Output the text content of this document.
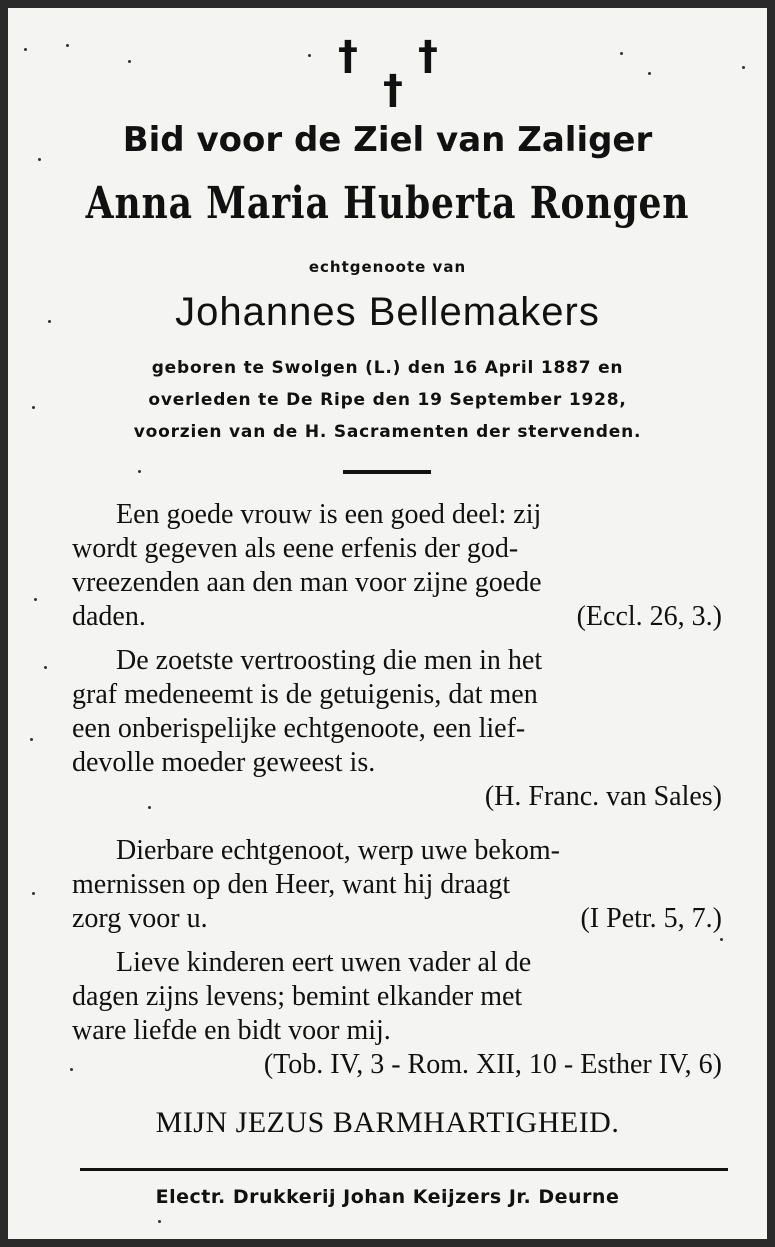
† †
†
Bid voor de Ziel van Zaliger
Anna Maria Huberta Rongen
echtgenoote van
Johannes Bellemakers
geboren te Swolgen (L.) den 16 April 1887 en
overleden te De Ripe den 19 September 1928,
voorzien van de H. Sacramenten der stervenden.
Een goede vrouw is een goed deel: zij
wordt gegeven als eene erfenis der god-
vreezenden aan den man voor zijne goede
daden.	(Eccl. 26, 3.)
De zoetste vertroosting die men in het
graf medeneemt is de getuigenis, dat men
een onberispelijke echtgenoote, een lief-
devolle moeder geweest is.
(H. Franc. van Sales)
Dierbare echtgenoot, werp uwe bekom-
mernissen op den Heer, want hij draagt
zorg voor u.	(I Petr. 5, 7.)
Lieve kinderen eert uwen vader al de
dagen zijns levens; bemint elkander met
ware liefde en bidt voor mij.
(Tob. IV, 3 - Rom. XII, 10 - Esther IV, 6)
MIJN JEZUS BARMHARTIGHEID.
Electr. Drukkerij Johan Keijzers Jr. Deurne
